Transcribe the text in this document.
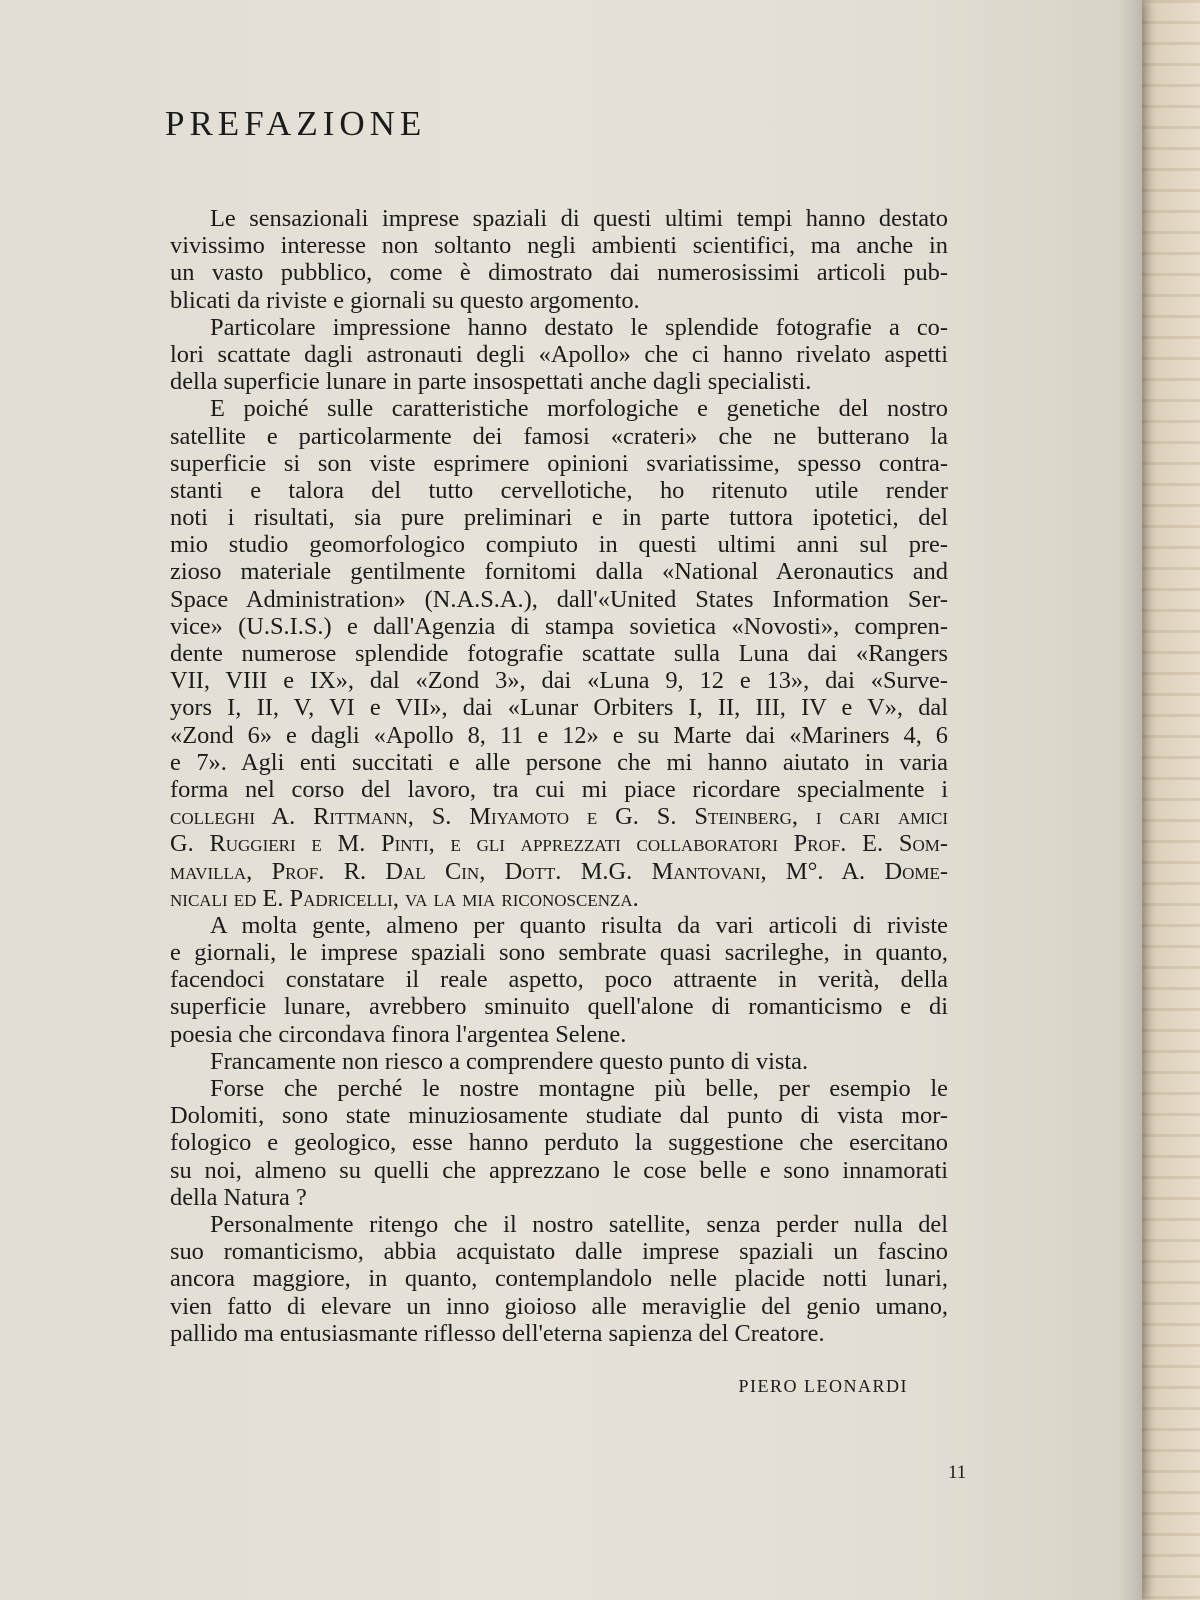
PREFAZIONE
Le sensazionali imprese spaziali di questi ultimi tempi hanno destato
vivissimo interesse non soltanto negli ambienti scientifici, ma anche in
un vasto pubblico, come è dimostrato dai numerosissimi articoli pub-
blicati da riviste e giornali su questo argomento.
Particolare impressione hanno destato le splendide fotografie a co-
lori scattate dagli astronauti degli «Apollo» che ci hanno rivelato aspetti
della superficie lunare in parte insospettati anche dagli specialisti.
E poiché sulle caratteristiche morfologiche e genetiche del nostro
satellite e particolarmente dei famosi «crateri» che ne butterano la
superficie si son viste esprimere opinioni svariatissime, spesso contra-
stanti e talora del tutto cervellotiche, ho ritenuto utile render
noti i risultati, sia pure preliminari e in parte tuttora ipotetici, del
mio studio geomorfologico compiuto in questi ultimi anni sul pre-
zioso materiale gentilmente fornitomi dalla «National Aeronautics and
Space Administration» (N.A.S.A.), dall'«United States Information Ser-
vice» (U.S.I.S.) e dall'Agenzia di stampa sovietica «Novosti», compren-
dente numerose splendide fotografie scattate sulla Luna dai «Rangers
VII, VIII e IX», dal «Zond 3», dai «Luna 9, 12 e 13», dai «Surve-
yors I, II, V, VI e VII», dai «Lunar Orbiters I, II, III, IV e V», dal
«Zond 6» e dagli «Apollo 8, 11 e 12» e su Marte dai «Mariners 4, 6
e 7». Agli enti succitati e alle persone che mi hanno aiutato in varia
forma nel corso del lavoro, tra cui mi piace ricordare specialmente i
colleghi A. Rittmann, S. Miyamoto e G. S. Steinberg, i cari amici
G. Ruggieri e M. Pinti, e gli apprezzati collaboratori Prof. E. Som-
mavilla, Prof. R. Dal Cin, Dott. M.G. Mantovani, M°. A. Dome-
nicali ed E. Padricelli, va la mia riconoscenza.
A molta gente, almeno per quanto risulta da vari articoli di riviste
e giornali, le imprese spaziali sono sembrate quasi sacrileghe, in quanto,
facendoci constatare il reale aspetto, poco attraente in verità, della
superficie lunare, avrebbero sminuito quell'alone di romanticismo e di
poesia che circondava finora l'argentea Selene.
Francamente non riesco a comprendere questo punto di vista.
Forse che perché le nostre montagne più belle, per esempio le
Dolomiti, sono state minuziosamente studiate dal punto di vista mor-
fologico e geologico, esse hanno perduto la suggestione che esercitano
su noi, almeno su quelli che apprezzano le cose belle e sono innamorati
della Natura ?
Personalmente ritengo che il nostro satellite, senza perder nulla del
suo romanticismo, abbia acquistato dalle imprese spaziali un fascino
ancora maggiore, in quanto, contemplandolo nelle placide notti lunari,
vien fatto di elevare un inno gioioso alle meraviglie del genio umano,
pallido ma entusiasmante riflesso dell'eterna sapienza del Creatore.

PIERO LEONARDI

11
